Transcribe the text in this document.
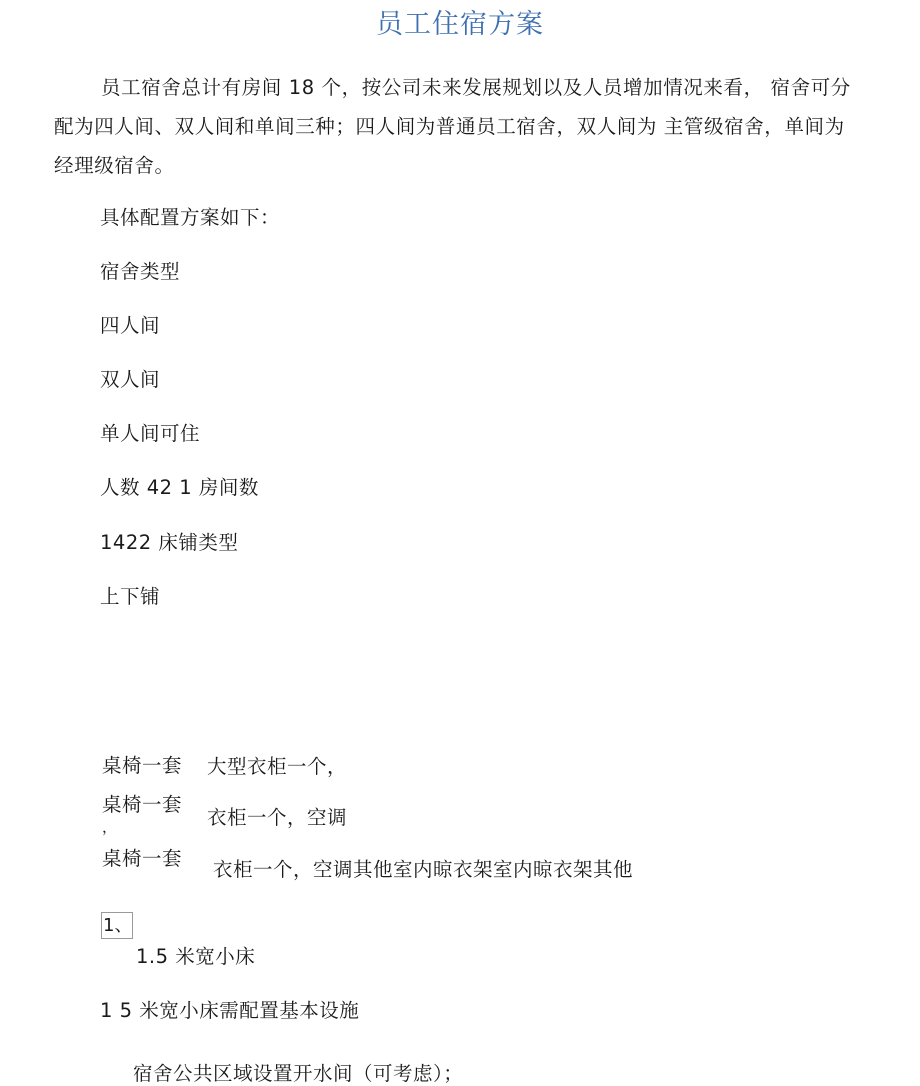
员工住宿方案
员工宿舍总计有房间 18 个，按公司未来发展规划以及人员增加情况来看， 宿舍可分配为四人间、双人间和单间三种；四人间为普通员工宿舍，双人间为 主管级宿舍，单间为经理级宿舍。
具体配置方案如下：
宿舍类型
四人间
双人间
单人间可住
人数 42 1 房间数
1422 床铺类型
上下铺
桌椅一套 大型衣柜一个，
桌椅一套
，	衣柜一个，空调
桌椅一套 衣柜一个，空调其他室内晾衣架室内晾衣架其他
1、
1.5 米宽小床
1 5 米宽小床需配置基本设施
宿舍公共区域设置开水间（可考虑）；
